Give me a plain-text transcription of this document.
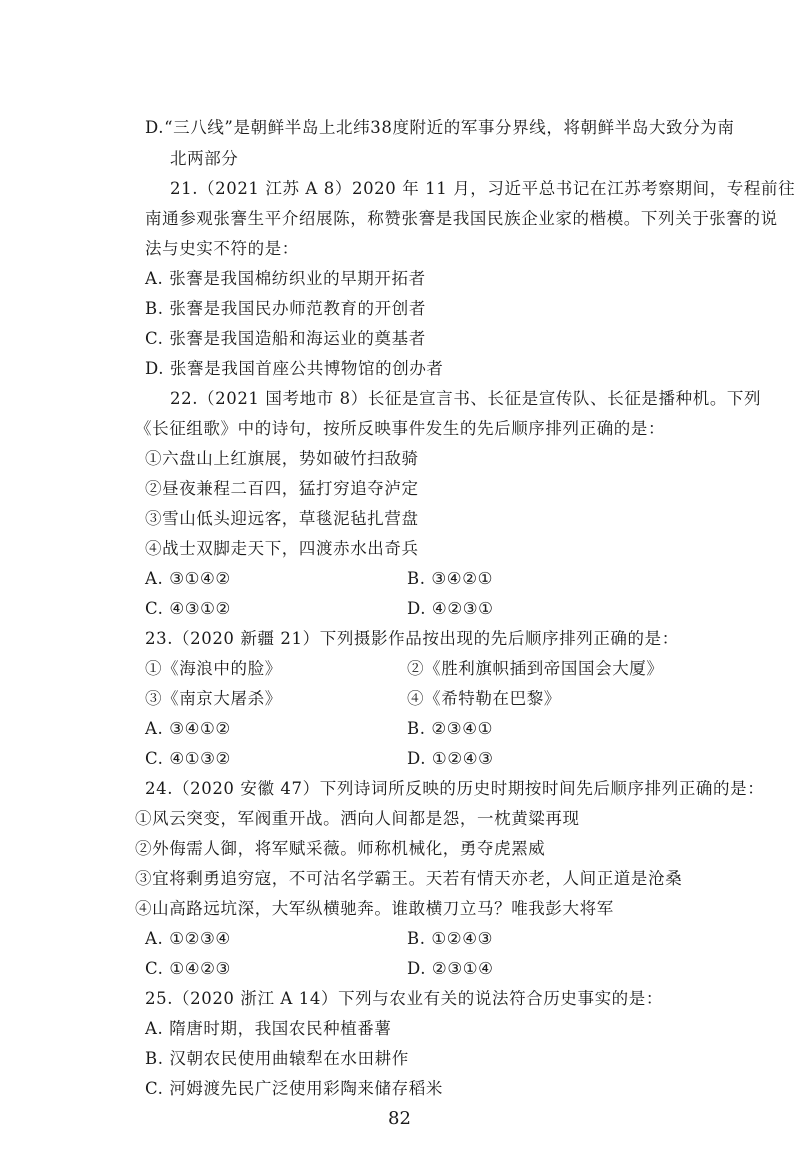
D.“三八线”是朝鲜半岛上北纬38度附近的军事分界线，将朝鲜半岛大致分为南
北两部分
21.（2021 江苏 A 8）2020 年 11 月，习近平总书记在江苏考察期间，专程前往
南通参观张謇生平介绍展陈，称赞张謇是我国民族企业家的楷模。下列关于张謇的说
法与史实不符的是：
A. 张謇是我国棉纺织业的早期开拓者
B. 张謇是我国民办师范教育的开创者
C. 张謇是我国造船和海运业的奠基者
D. 张謇是我国首座公共博物馆的创办者
22.（2021 国考地市 8）长征是宣言书、长征是宣传队、长征是播种机。下列
《长征组歌》中的诗句，按所反映事件发生的先后顺序排列正确的是：
①六盘山上红旗展，势如破竹扫敌骑
②昼夜兼程二百四，猛打穷追夺泸定
③雪山低头迎远客，草毯泥毡扎营盘
④战士双脚走天下，四渡赤水出奇兵
A. ③①④②	B. ③④②①
C. ④③①②	D. ④②③①
23.（2020 新疆 21）下列摄影作品按出现的先后顺序排列正确的是：
①《海浪中的脸》	②《胜利旗帜插到帝国国会大厦》
③《南京大屠杀》	④《希特勒在巴黎》
A. ③④①②	B. ②③④①
C. ④①③②	D. ①②④③
24.（2020 安徽 47）下列诗词所反映的历史时期按时间先后顺序排列正确的是：
①风云突变，军阀重开战。洒向人间都是怨，一枕黄粱再现
②外侮需人御，将军赋采薇。师称机械化，勇夺虎罴威
③宜将剩勇追穷寇，不可沽名学霸王。天若有情天亦老，人间正道是沧桑
④山高路远坑深，大军纵横驰奔。谁敢横刀立马？唯我彭大将军
A. ①②③④	B. ①②④③
C. ①④②③	D. ②③①④
25.（2020 浙江 A 14）下列与农业有关的说法符合历史事实的是：
A. 隋唐时期，我国农民种植番薯
B. 汉朝农民使用曲辕犁在水田耕作
C. 河姆渡先民广泛使用彩陶来储存稻米
82
